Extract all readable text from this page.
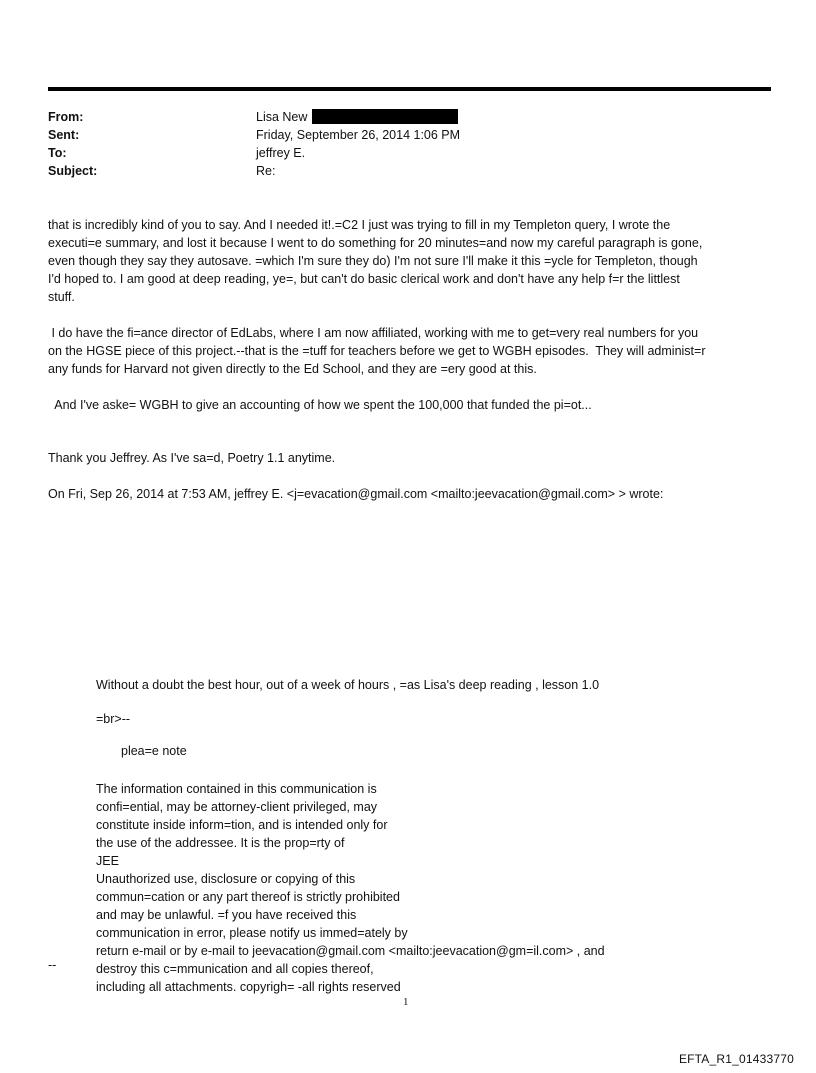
From:	Lisa New
Sent:	Friday, September 26, 2014 1:06 PM
To:	jeffrey E.
Subject:	Re:

that is incredibly kind of you to say. And I needed it!.=C2 I just was trying to fill in my Templeton query, I wrote the
executi=e summary, and lost it because I went to do something for 20 minutes=and now my careful paragraph is gone,
even though they say they autosave. =which I'm sure they do) I'm not sure I'll make it this =ycle for Templeton, though
I'd hoped to. I am good at deep reading, ye=, but can't do basic clerical work and don't have any help f=r the littlest
stuff.

I do have the fi=ance director of EdLabs, where I am now affiliated, working with me to get=very real numbers for you
on the HGSE piece of this project.--that is the =tuff for teachers before we get to WGBH episodes.  They will administ=r
any funds for Harvard not given directly to the Ed School, and they are =ery good at this.

And I've aske= WGBH to give an accounting of how we spent the 100,000 that funded the pi=ot...

Thank you Jeffrey. As I've sa=d, Poetry 1.1 anytime.

On Fri, Sep 26, 2014 at 7:53 AM, jeffrey E. <j=evacation@gmail.com <mailto:jeevacation@gmail.com> > wrote:

Without a doubt the best hour, out of a week of hours , =as Lisa's deep reading , lesson 1.0
=br>--
plea=e note
The information contained in this communication is
confi=ential, may be attorney-client privileged, may
constitute inside inform=tion, and is intended only for
the use of the addressee. It is the prop=rty of
JEE
Unauthorized use, disclosure or copying of this
commun=cation or any part thereof is strictly prohibited
and may be unlawful. =f you have received this
communication in error, please notify us immed=ately by
return e-mail or by e-mail to jeevacation@gmail.com <mailto:jeevacation@gm=il.com> , and
destroy this c=mmunication and all copies thereof,
including all attachments. copyrigh= -all rights reserved
--
1
EFTA_R1_01433770
